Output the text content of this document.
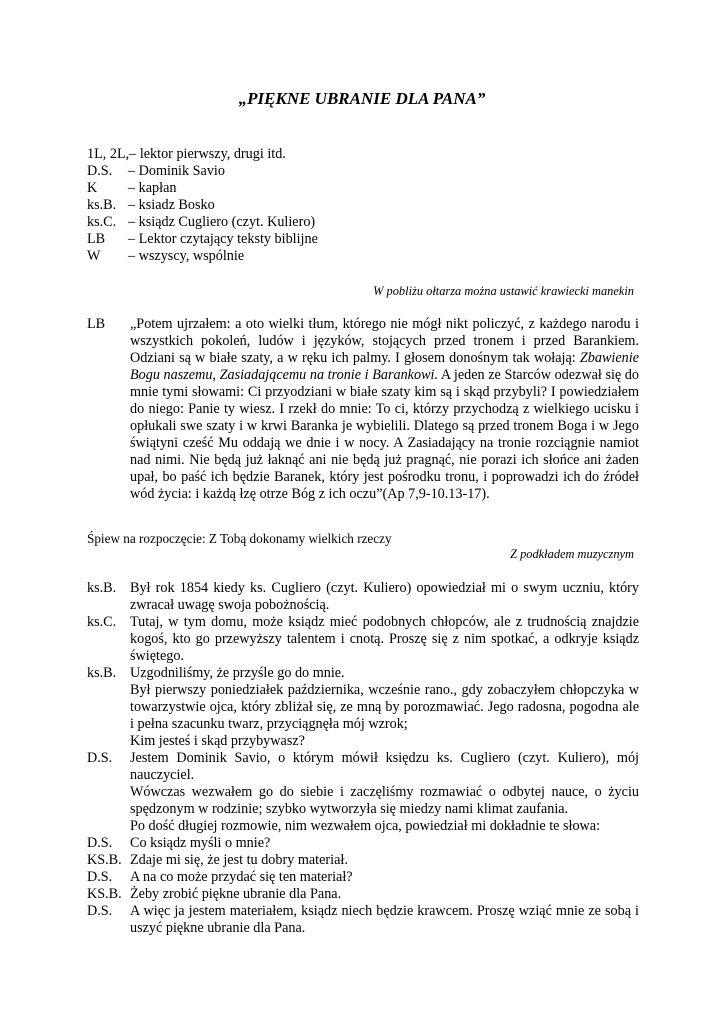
„PIĘKNE UBRANIE DLA PANA”
1L, 2L, – lektor pierwszy, drugi itd.
D.S.	– Dominik Savio
K	– kapłan
ks.B. – ksiadz Bosko
ks.C. – ksiądz Cugliero (czyt. Kuliero)
LB	– Lektor czytający teksty biblijne
W	– wszyscy, wspólnie
W pobliżu ołtarza można ustawić krawiecki manekin
LB	„Potem ujrzałem: a oto wielki tłum, którego nie mógł nikt policzyć, z każdego narodu i wszystkich pokoleń, ludów i języków, stojących przed tronem i przed Barankiem. Odziani są w białe szaty, a w ręku ich palmy. I głosem donośnym tak wołają: Zbawienie Bogu naszemu, Zasiadającemu na tronie i Barankowi. A jeden ze Starców odezwał się do mnie tymi słowami: Ci przyodziani w białe szaty kim są i skąd przybyli? I powiedziałem do niego: Panie ty wiesz. I rzekł do mnie: To ci, którzy przychodzą z wielkiego ucisku i opłukali swe szaty i w krwi Baranka je wybielili. Dlatego są przed tronem Boga i w Jego świątyni cześć Mu oddają we dnie i w nocy. A Zasiadający na tronie rozciągnie namiot nad nimi. Nie będą już łaknąć ani nie będą już pragnąć, nie porazi ich słońce ani żaden upał, bo paść ich będzie Baranek, który jest pośrodku tronu, i poprowadzi ich do źródeł wód życia: i każdą łzę otrze Bóg z ich oczu”(Ap 7,9-10.13-17).
Śpiew na rozpoczęcie: Z Tobą dokonamy wielkich rzeczy
Z podkładem muzycznym
ks.B. Był rok 1854 kiedy ks. Cugliero (czyt. Kuliero) opowiedział mi o swym uczniu, który zwracał uwagę swoja pobożnością.

ks.C. Tutaj, w tym domu, może ksiądz mieć podobnych chłopców, ale z trudnością znajdzie kogoś, kto go przewyższy talentem i cnotą. Proszę się z nim spotkać, a odkryje ksiądz świętego.

ks.B. Uzgodniliśmy, że przyśle go do mnie.

Był pierwszy poniedziałek października, wcześnie rano., gdy zobaczyłem chłopczyka w towarzystwie ojca, który zbliżał się, ze mną by porozmawiać. Jego radosna, pogodna ale i pełna szacunku twarz, przyciągnęła mój wzrok;

Kim jesteś i skąd przybywasz?

D.S.	Jestem Dominik Savio, o którym mówił księdzu ks. Cugliero (czyt. Kuliero), mój nauczyciel.

Wówczas wezwałem go do siebie i zaczęliśmy rozmawiać o odbytej nauce, o życiu spędzonym w rodzinie; szybko wytworzyła się miedzy nami klimat zaufania.

Po dość długiej rozmowie, nim wezwałem ojca, powiedział mi dokładnie te słowa:

D.S.	Co ksiądz myśli o mnie?

KS.B. Zdaje mi się, że jest tu dobry materiał.

D.S.	A na co może przydać się ten materiał?

KS.B. Żeby zrobić piękne ubranie dla Pana.

D.S.	A więc ja jestem materiałem, ksiądz niech będzie krawcem. Proszę wziąć mnie ze sobą i uszyć piękne ubranie dla Pana.
